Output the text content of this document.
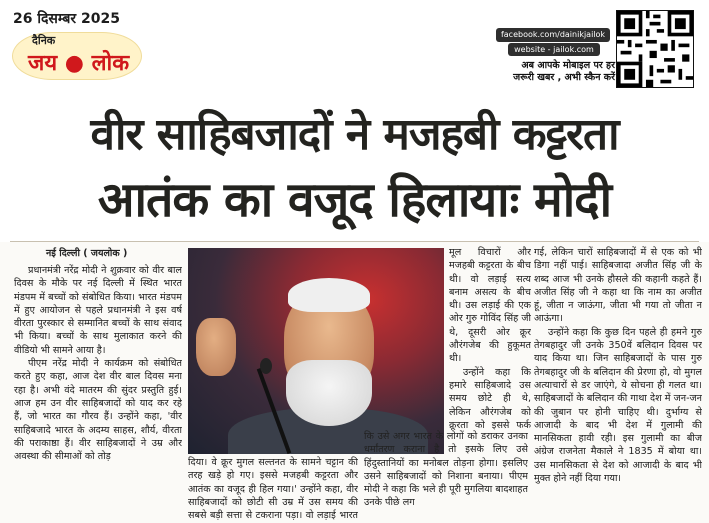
26 दिसम्बर 2025
दैनिक
जय ● लोक
facebook.com/dainikjailok
website - jailok.com
अब आपके मोबाइल पर हर
जरूरी खबर , अभी स्कैन करें
वीर साहिबजादों ने मजहबी कट्टरता
आतंक का वजूद हिलायाः मोदी
नई दिल्ली ( जयलोक )

प्रधानमंत्री नरेंद्र मोदी ने शुक्रवार को वीर बाल दिवस के मौके पर नई दिल्ली में स्थित भारत मंडपम में बच्चों को संबोधित किया। भारत मंडपम में हुए आयोजन से पहले प्रधानमंत्री ने इस वर्ष वीरता पुरस्कार से सम्मानित बच्चों के साथ संवाद भी किया। बच्चों के साथ मुलाकात करने की वीडियो भी सामने आया है।

पीएम नरेंद्र मोदी ने कार्यक्रम को संबोधित करते हुए कहा, आज देश वीर बाल दिवस मना रहा है। अभी वंदे मातरम की सुंदर प्रस्तुति हुई। आज हम उन वीर साहिबजादों को याद कर रहे हैं, जो भारत का गौरव हैं। उन्होंने कहा, 'वीर साहिबजादे भारत के अदम्य साहस, शौर्य, वीरता की पराकाष्ठा हैं। वीर साहिबजादों ने उम्र और अवस्था की सीमाओं को तोड़

दिया। वे क्रूर मुगल सल्तनत के सामने चट्टान की तरह खड़े हो गए। इससे मजहबी कट्टरता और आतंक का वजूद ही हिल गया।' उन्होंने कहा, वीर साहिबजादों को छोटी सी उम्र में उस समय की सबसे बड़ी सत्ता से टकराना पड़ा। वो लड़ाई भारत

मूल विचारों और मजहबी कट्टरता के बीच थी। वो लड़ाई सत्य बनाम असत्य के बीच थी। उस लड़ाई की एक ओर गुरु गोविंद सिंह जी थे, दूसरी ओर क्रूर औरंगजेब की हुकूमत थी।

उन्होंने कहा कि हमारे साहिबजादे उस समय छोटे ही थे, लेकिन औरंगजेब को क्रूरता को इससे फर्क

कि उसे अगर भारत के लोगों को डराकर उनका धर्मांतरण कराना है तो इसके लिए उसे हिंदुस्तानियों का मनोबल तोड़ना होगा। इसलिए उसने साहिबजादों को निशाना बनाया। पीएम मोदी ने कहा कि भले ही पूरी मुगलिया बादशाहत उनके पीछे लग

गई, लेकिन चारों साहिबजादों में से एक को भी डिगा नहीं पाई। साहिबजादा अजीत सिंह जी के शब्द आज भी उनके हौसले की कहानी कहते हैं। अजीत सिंह जी ने कहा था कि नाम का अजीत हूं, जीता न जाऊंगा, जीता भी गया तो जीता न आऊंगा।

उन्होंने कहा कि कुछ दिन पहले ही हमने गुरु तेगबहादुर जी उनके 350वें बलिदान दिवस पर याद किया था। जिन साहिबजादों के पास गुरु तेगबहादुर जी के बलिदान की प्रेरणा हो, वो मुगल अत्याचारों से डर जाएंगे, ये सोचना ही गलत था। साहिबजादों के बलिदान की गाथा देश में जन-जन की जुबान पर होनी चाहिए थी। दुर्भाग्य से आजादी के बाद भी देश में गुलामी की मानसिकता हावी रही। इस गुलामी का बीज अंग्रेज राजनेता मैकाले ने 1835 में बोया था। उस मानसिकता से देश को आजादी के बाद भी मुक्त होने नहीं दिया गया।
